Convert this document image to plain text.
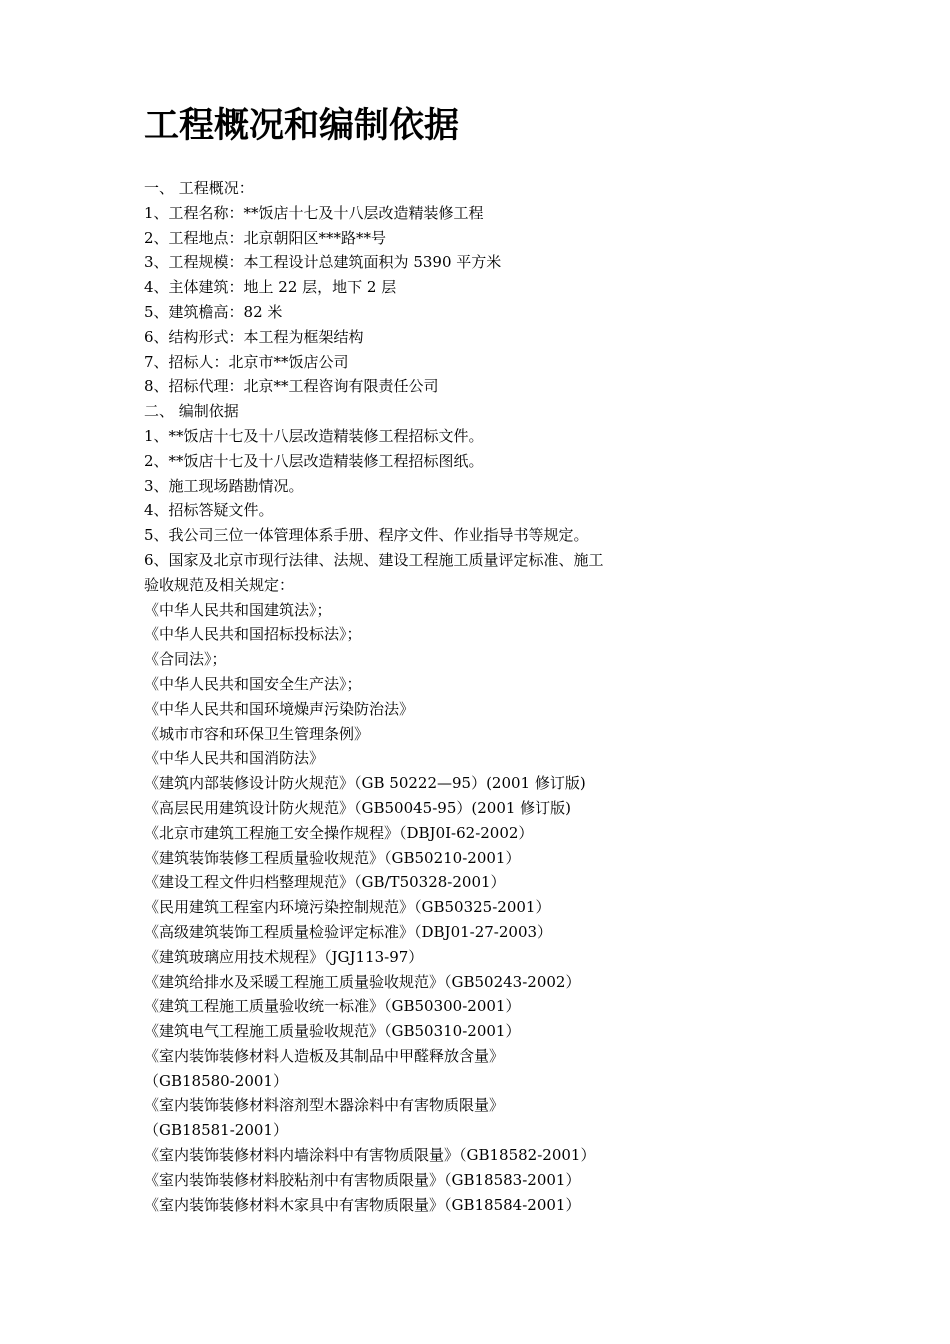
工程概况和编制依据
一、 工程概况：
1、工程名称：**饭店十七及十八层改造精装修工程
2、工程地点：北京朝阳区***路**号
3、工程规模：本工程设计总建筑面积为 5390 平方米
4、主体建筑：地上 22 层，地下 2 层
5、建筑檐高：82 米
6、结构形式：本工程为框架结构
7、招标人：北京市**饭店公司
8、招标代理：北京**工程咨询有限责任公司
二、 编制依据
1、**饭店十七及十八层改造精装修工程招标文件。
2、**饭店十七及十八层改造精装修工程招标图纸。
3、施工现场踏勘情况。
4、招标答疑文件。
5、我公司三位一体管理体系手册、程序文件、作业指导书等规定。
6、国家及北京市现行法律、法规、建设工程施工质量评定标准、施工
验收规范及相关规定：
《中华人民共和国建筑法》；
《中华人民共和国招标投标法》；
《合同法》；
《中华人民共和国安全生产法》；
《中华人民共和国环境燥声污染防治法》
《城市市容和环保卫生管理条例》
《中华人民共和国消防法》
《建筑内部装修设计防火规范》（GB 50222—95）(2001 修订版)
《高层民用建筑设计防火规范》（GB50045-95）(2001 修订版)
《北京市建筑工程施工安全操作规程》（DBJ0I-62-2002）
《建筑装饰装修工程质量验收规范》（GB50210-2001）
《建设工程文件归档整理规范》（GB/T50328-2001）
《民用建筑工程室内环境污染控制规范》（GB50325-2001）
《高级建筑装饰工程质量检验评定标准》（DBJ01-27-2003）
《建筑玻璃应用技术规程》（JGJ113-97）
《建筑给排水及采暖工程施工质量验收规范》（GB50243-2002）
《建筑工程施工质量验收统一标准》（GB50300-2001）
《建筑电气工程施工质量验收规范》（GB50310-2001）
《室内装饰装修材料人造板及其制品中甲醛释放含量》
（GB18580-2001）
《室内装饰装修材料溶剂型木器涂料中有害物质限量》
（GB18581-2001）
《室内装饰装修材料内墙涂料中有害物质限量》（GB18582-2001）
《室内装饰装修材料胶粘剂中有害物质限量》（GB18583-2001）
《室内装饰装修材料木家具中有害物质限量》（GB18584-2001）
